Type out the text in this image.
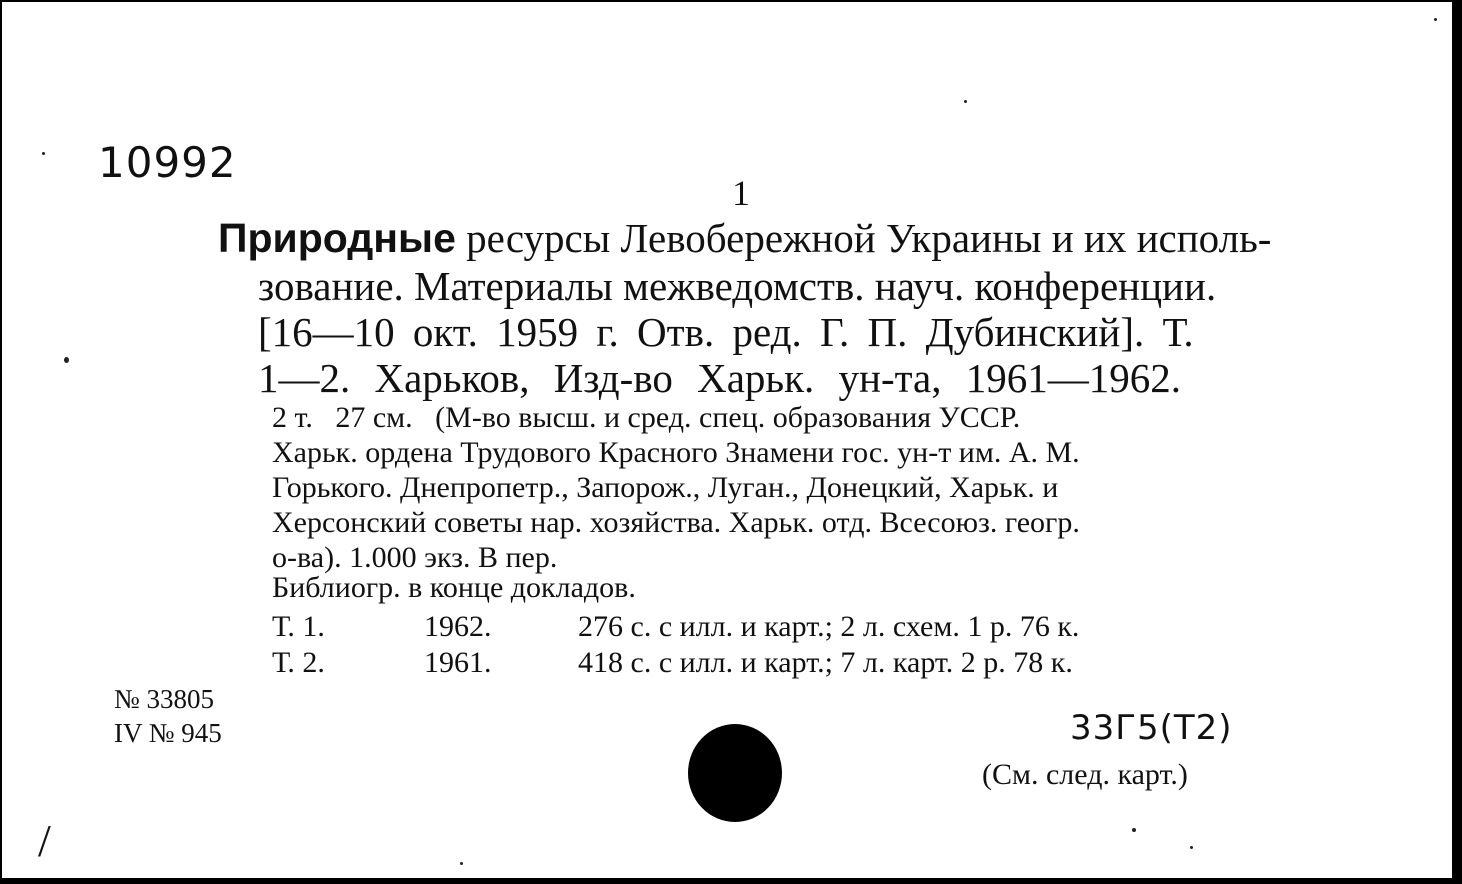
10992
1
Природные ресурсы Левобережной Украины и их исполь-
зование. Материалы межведомств. науч. конференции.
[16—10 окт. 1959 г. Отв. ред. Г. П. Дубинский]. Т.
1—2. Харьков, Изд-во Харьк. ун-та, 1961—1962.
2 т.   27 см.   (М-во высш. и сред. спец. образования УССР.
Харьк. ордена Трудового Красного Знамени гос. ун-т им. А. М.
Горького. Днепропетр., Запорож., Луган., Донецкий, Харьк. и
Херсонский советы нар. хозяйства. Харьк. отд. Всесоюз. геогр.
о-ва). 1.000 экз. В пер.
Библиогр. в конце докладов.
Т. 1.	1962.	276 с. с илл. и карт.; 2 л. схем. 1 р. 76 к.
Т. 2.	1961.	418 с. с илл. и карт.; 7 л. карт. 2 р. 78 к.
№ 33805
IV № 945	33Г5(Т2)
(См. след. карт.)
/
